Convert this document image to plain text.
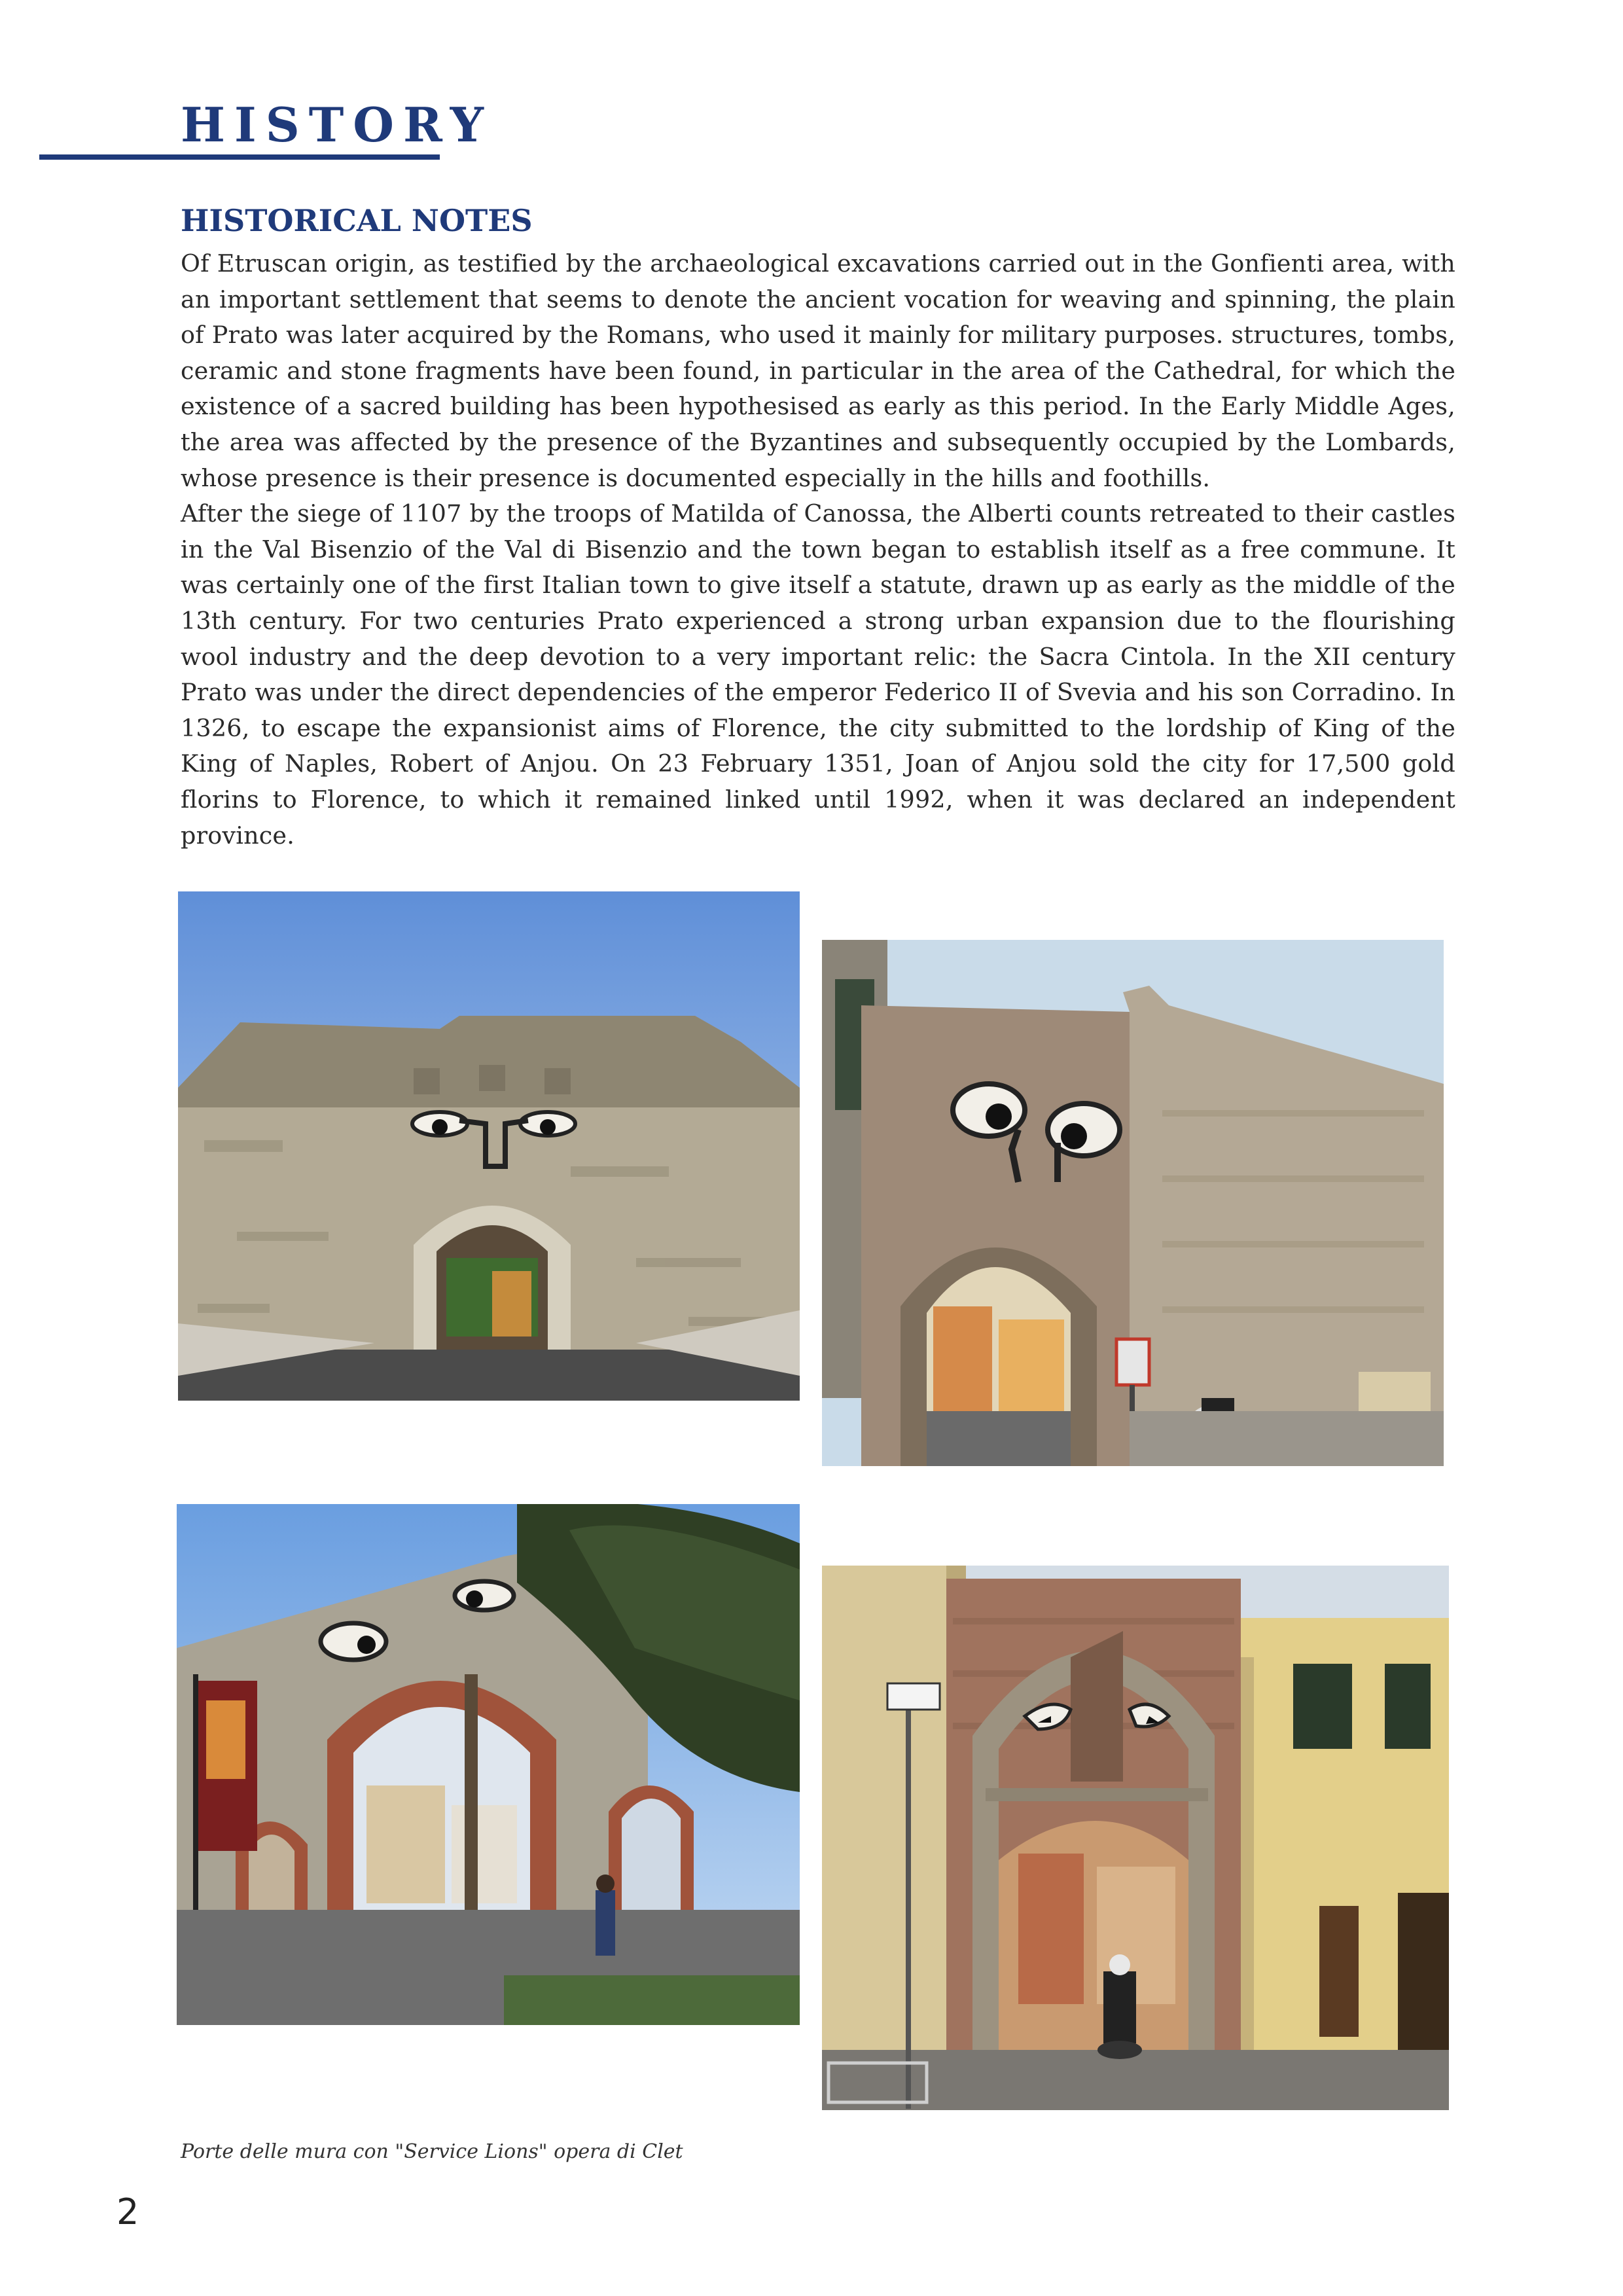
HISTORY
HISTORICAL NOTES

Of Etruscan origin, as testified by the archaeological excavations carried out in the Gonfienti area, with an important settlement that seems to denote the ancient vocation for weaving and spinning, the plain of Prato was later acquired by the Romans, who used it mainly for military purposes. structures, tombs, ceramic and stone fragments have been found, in particular in the area of the Cathedral, for which the existence of a sacred building has been hypothesised as early as this period. In the Early Middle Ages, the area was affected by the presence of the Byzantines and subsequently occupied by the Lombards, whose presence is their presence is documented especially in the hills and foothills.

After the siege of 1107 by the troops of Matilda of Canossa, the Alberti counts retreated to their castles in the Val Bisenzio of the Val di Bisenzio and the town began to establish itself as a free commune. It was certainly one of the first Italian town to give itself a statute, drawn up as early as the middle of the 13th century. For two centuries Prato experienced a strong urban expansion due to the flourishing wool industry and the deep devotion to a very important relic: the Sacra Cintola. In the XII century Prato was under the direct dependencies of the emperor Federico II of Svevia and his son Corradino. In 1326, to escape the expansionist aims of Florence, the city submitted to the lordship of King of the King of Naples, Robert of Anjou. On 23 February 1351, Joan of Anjou sold the city for 17,500 gold florins to Florence, to which it remained linked until 1992, when it was declared an independent province.

Porte delle mura con "Service Lions" opera di Clet
2
